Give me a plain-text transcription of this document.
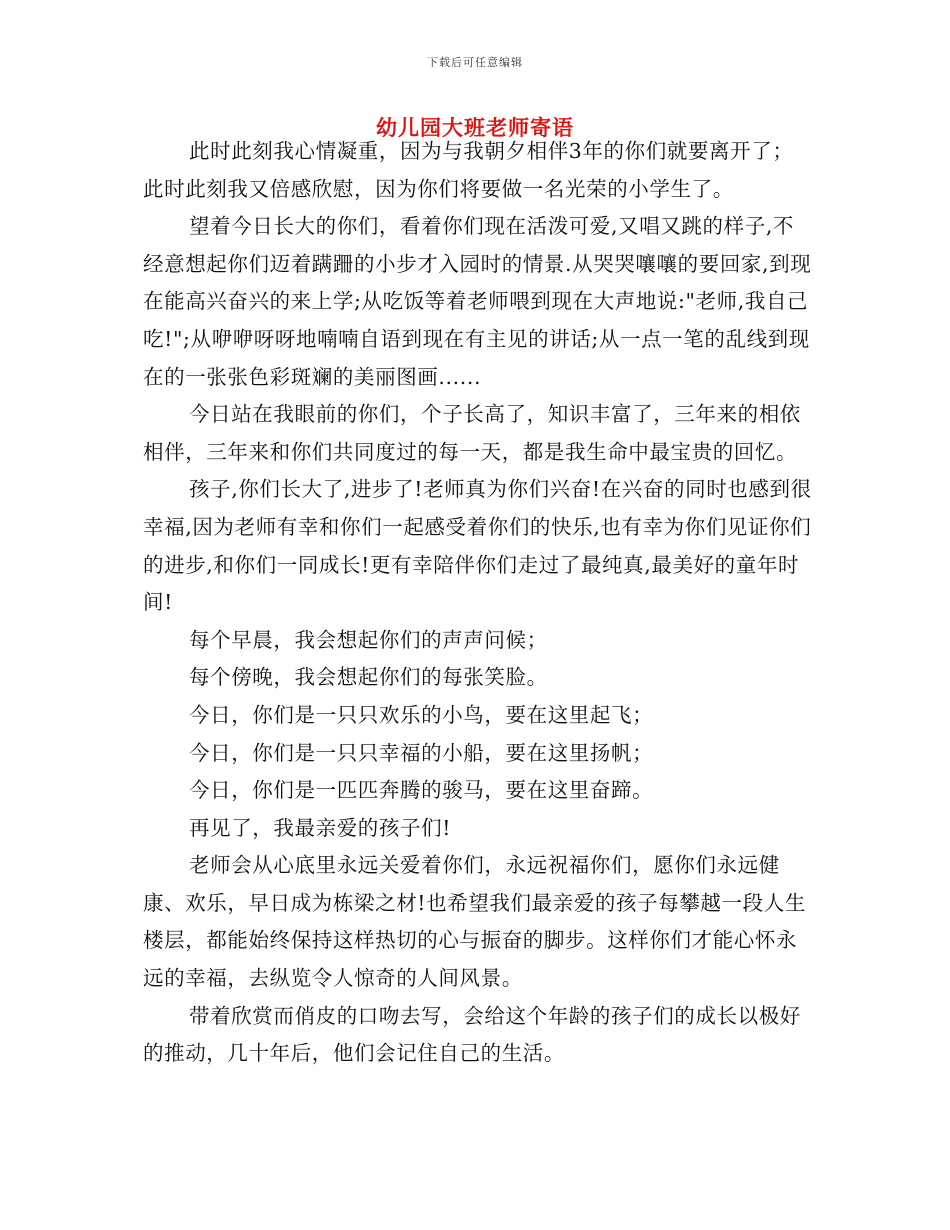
下载后可任意编辑
幼儿园大班老师寄语

此时此刻我心情凝重，因为与我朝夕相伴3年的你们就要离开了；此时此刻我又倍感欣慰，因为你们将要做一名光荣的小学生了。

望着今日长大的你们，看着你们现在活泼可爱,又唱又跳的样子,不经意想起你们迈着蹒跚的小步才入园时的情景.从哭哭嚷嚷的要回家,到现在能高兴奋兴的来上学;从吃饭等着老师喂到现在大声地说:"老师,我自己吃!";从咿咿呀呀地喃喃自语到现在有主见的讲话;从一点一笔的乱线到现在的一张张色彩斑斓的美丽图画......

今日站在我眼前的你们，个子长高了，知识丰富了，三年来的相依相伴，三年来和你们共同度过的每一天，都是我生命中最宝贵的回忆。

孩子,你们长大了,进步了!老师真为你们兴奋!在兴奋的同时也感到很幸福,因为老师有幸和你们一起感受着你们的快乐,也有幸为你们见证你们的进步,和你们一同成长!更有幸陪伴你们走过了最纯真,最美好的童年时间!

每个早晨，我会想起你们的声声问候；

每个傍晚，我会想起你们的每张笑脸。

今日，你们是一只只欢乐的小鸟，要在这里起飞；

今日，你们是一只只幸福的小船，要在这里扬帆；

今日，你们是一匹匹奔腾的骏马，要在这里奋蹄。

再见了，我最亲爱的孩子们!

老师会从心底里永远关爱着你们，永远祝福你们，愿你们永远健康、欢乐，早日成为栋梁之材!也希望我们最亲爱的孩子每攀越一段人生楼层，都能始终保持这样热切的心与振奋的脚步。这样你们才能心怀永远的幸福，去纵览令人惊奇的人间风景。

带着欣赏而俏皮的口吻去写，会给这个年龄的孩子们的成长以极好的推动，几十年后，他们会记住自己的生活。
